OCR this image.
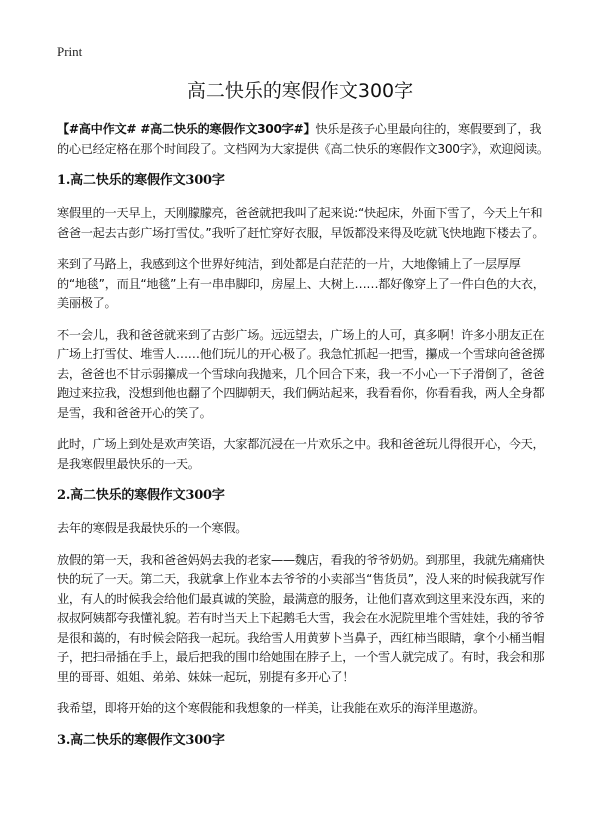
Print
高二快乐的寒假作文300字

【#高中作文# #高二快乐的寒假作文300字#】快乐是孩子心里最向往的，寒假要到了，我的心已经定格在那个时间段了。文档网为大家提供《高二快乐的寒假作文300字》，欢迎阅读。

1.高二快乐的寒假作文300字

寒假里的一天早上，天刚朦朦亮，爸爸就把我叫了起来说:“快起床，外面下雪了，今天上午和爸爸一起去古彭广场打雪仗。”我听了赶忙穿好衣服，早饭都没来得及吃就飞快地跑下楼去了。

来到了马路上，我感到这个世界好纯洁，到处都是白茫茫的一片，大地像铺上了一层厚厚的“地毯”，而且“地毯”上有一串串脚印，房屋上、大树上……都好像穿上了一件白色的大衣，美丽极了。

不一会儿，我和爸爸就来到了古彭广场。远远望去，广场上的人可，真多啊！许多小朋友正在广场上打雪仗、堆雪人……他们玩儿的开心极了。我急忙抓起一把雪，攥成一个雪球向爸爸掷去，爸爸也不甘示弱攥成一个雪球向我抛来，几个回合下来，我一不小心一下子滑倒了，爸爸跑过来拉我，没想到他也翻了个四脚朝天，我们俩站起来，我看看你，你看看我，两人全身都是雪，我和爸爸开心的笑了。

此时，广场上到处是欢声笑语，大家都沉浸在一片欢乐之中。我和爸爸玩儿得很开心，今天，是我寒假里最快乐的一天。

2.高二快乐的寒假作文300字

去年的寒假是我最快乐的一个寒假。

放假的第一天，我和爸爸妈妈去我的老家——魏店，看我的爷爷奶奶。到那里，我就先痛痛快快的玩了一天。第二天，我就拿上作业本去爷爷的小卖部当“售货员”，没人来的时候我就写作业，有人的时候我会给他们最真诚的笑脸，最满意的服务，让他们喜欢到这里来没东西，来的叔叔阿姨都夸我懂礼貌。若有时当天上下起鹅毛大雪，我会在水泥院里堆个雪娃娃，我的爷爷是很和蔼的，有时候会陪我一起玩。我给雪人用黄萝卜当鼻子，西红柿当眼睛，拿个小桶当帽子，把扫帚插在手上，最后把我的围巾给她围在脖子上，一个雪人就完成了。有时，我会和那里的哥哥、姐姐、弟弟、妹妹一起玩，别提有多开心了！

我希望，即将开始的这个寒假能和我想象的一样美，让我能在欢乐的海洋里遨游。

3.高二快乐的寒假作文300字
